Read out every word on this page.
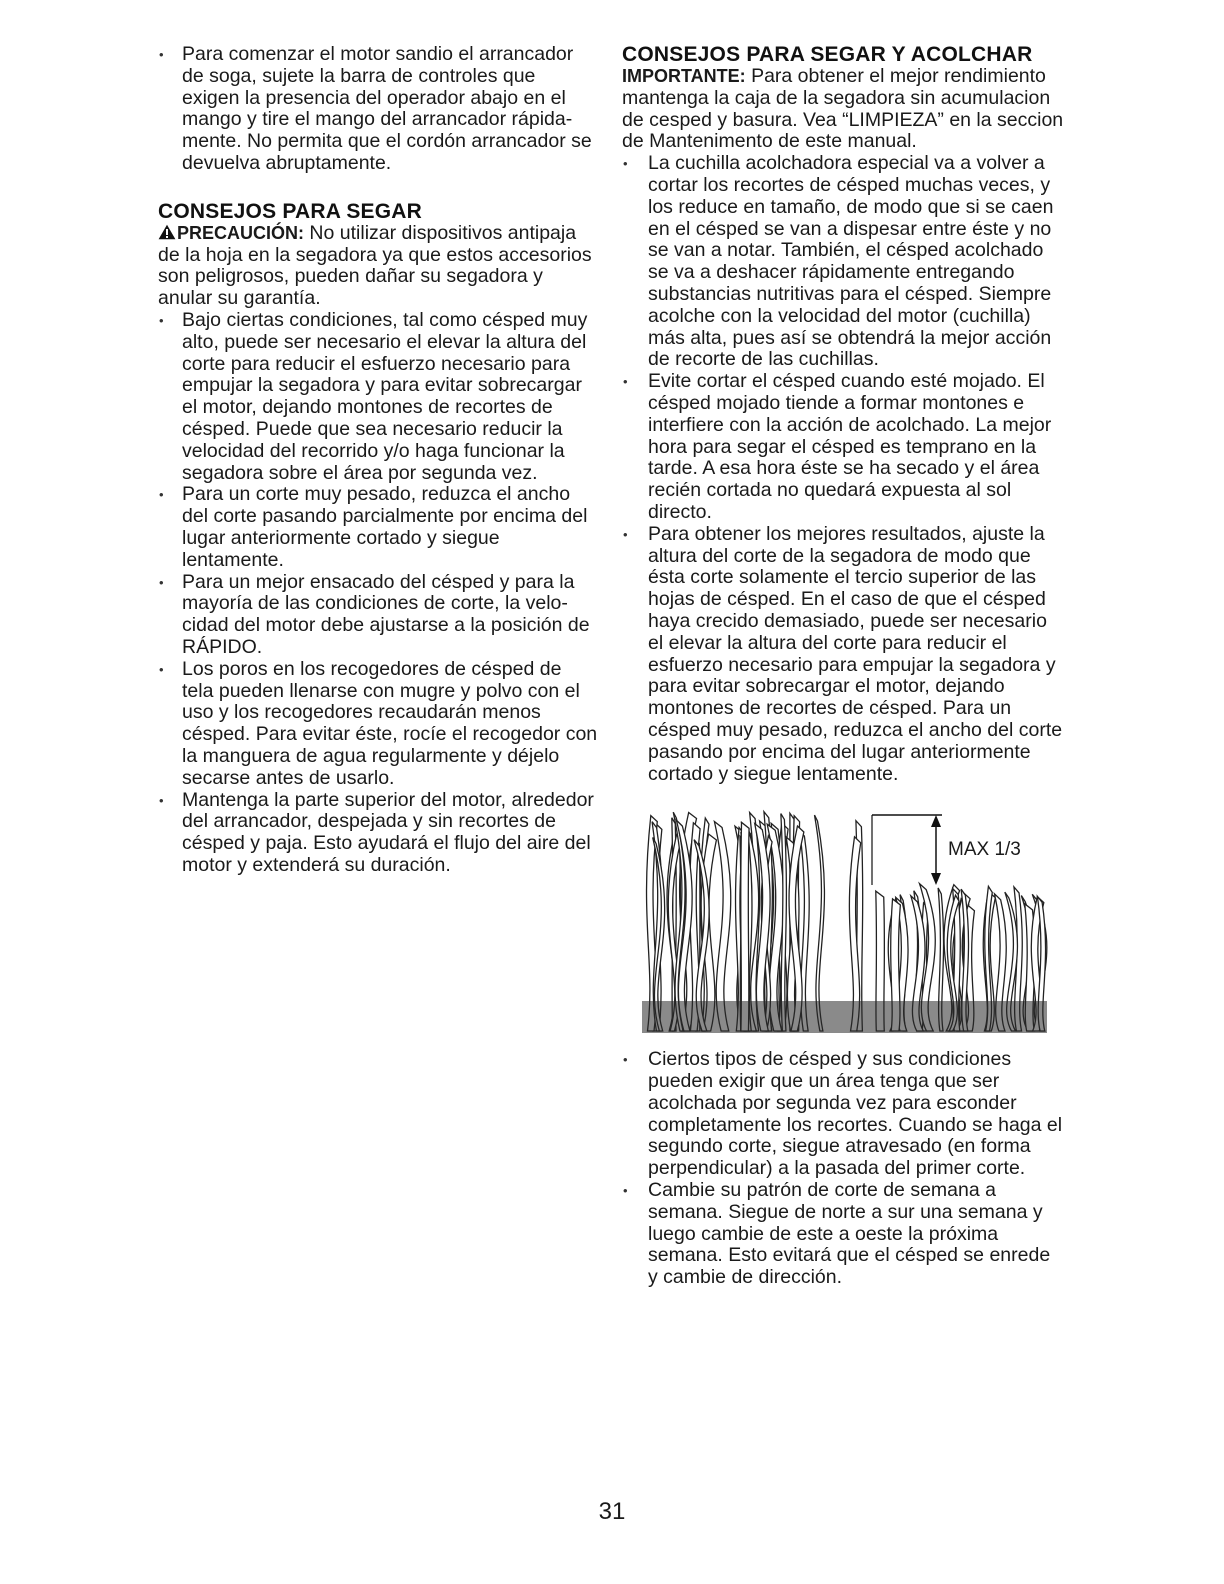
• Para comenzar el motor sandio el arrancador de soga, sujete la barra de controles que exigen la presencia del operador abajo en el mango y tire el mango del arrancador rápidamente. No permita que el cordón arrancador se devuelva abruptamente.
CONSEJOS PARA SEGAR

PRECAUCIÓN: No utilizar dispositivos antipaja de la hoja en la segadora ya que estos accesorios son peligrosos, pueden dañar su segadora y anular su garantía.

• Bajo ciertas condiciones, tal como césped muy alto, puede ser necesario el elevar la altura del corte para reducir el esfuerzo necesario para empujar la segadora y para evitar sobrecargar el motor, dejando montones de recortes de césped. Puede que sea necesario reducir la velocidad del recorrido y/o haga funcionar la segadora sobre el área por segunda vez.
• Para un corte muy pesado, reduzca el ancho del corte pasando parcialmente por encima del lugar anteriormente cortado y siegue lentamente.
• Para un mejor ensacado del césped y para la mayoría de las condiciones de corte, la velocidad del motor debe ajustarse a la posición de RÁPIDO.
• Los poros en los recogedores de césped de tela pueden llenarse con mugre y polvo con el uso y los recogedores recaudarán menos césped. Para evitar éste, rocíe el recogedor con la manguera de agua regularmente y déjelo secarse antes de usarlo.
• Mantenga la parte superior del motor, alrededor del arrancador, despejada y sin recortes de césped y paja. Esto ayudará el flujo del aire del motor y extenderá su duración.
CONSEJOS PARA SEGAR Y ACOLCHAR

IMPORTANTE: Para obtener el mejor rendimiento mantenga la caja de la segadora sin acumulacion de cesped y basura. Vea “LIMPIEZA” en la seccion de Mantenimento de este manual.

• La cuchilla acolchadora especial va a volver a cortar los recortes de césped muchas veces, y los reduce en tamaño, de modo que si se caen en el césped se van a dispesar entre éste y no se van a notar. También, el césped acolchado se va a deshacer rápidamente entregando substancias nutritivas para el césped. Siempre acolche con la velocidad del motor (cuchilla) más alta, pues así se obtendrá la mejor acción de recorte de las cuchillas.
• Evite cortar el césped cuando esté mojado. El césped mojado tiende a formar montones e interfiere con la acción de acolchado. La mejor hora para segar el césped es temprano en la tarde. A esa hora éste se ha secado y el área recién cortada no quedará expuesta al sol directo.
• Para obtener los mejores resultados, ajuste la altura del corte de la segadora de modo que ésta corte solamente el tercio superior de las hojas de césped. En el caso de que el césped haya crecido demasiado, puede ser necesario el elevar la altura del corte para reducir el esfuerzo necesario para empujar la segadora y para evitar sobrecargar el motor, dejando montones de recortes de césped. Para un césped muy pesado, reduzca el ancho del corte pasando por encima del lugar anteriormente cortado y siegue lentamente.
MAX 1/3
• Ciertos tipos de césped y sus condiciones pueden exigir que un área tenga que ser acolchada por segunda vez para esconder completamente los recortes. Cuando se haga el segundo corte, siegue atravesado (en forma perpendicular) a la pasada del primer corte.
• Cambie su patrón de corte de semana a semana. Siegue de norte a sur una semana y luego cambie de este a oeste la próxima semana. Esto evitará que el césped se enrede y cambie de dirección.
31
